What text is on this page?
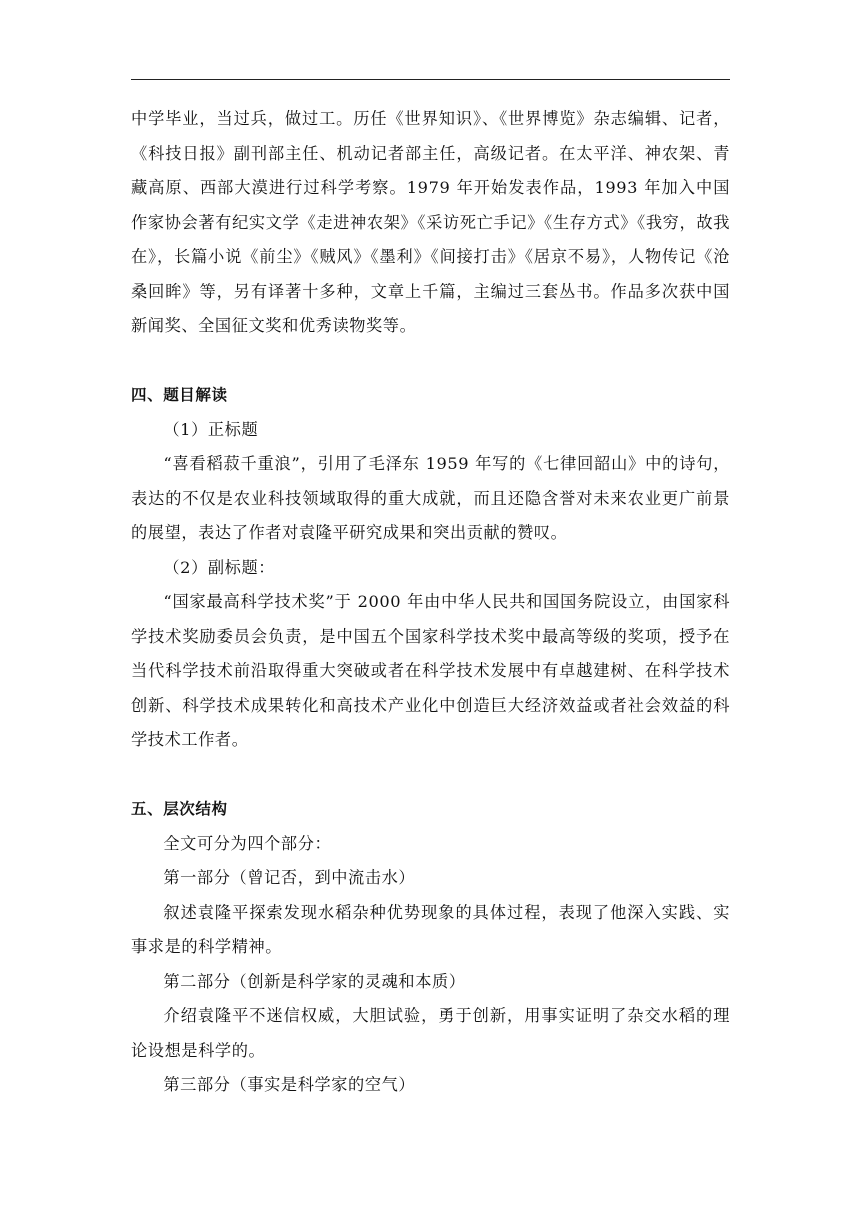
中学毕业，当过兵，做过工。历任《世界知识》、《世界博览》杂志编辑、记者，《科技日报》副刊部主任、机动记者部主任，高级记者。在太平洋、神农架、青藏高原、西部大漠进行过科学考察。1979 年开始发表作品，1993 年加入中国作家协会著有纪实文学《走进神农架》《采访死亡手记》《生存方式》《我穷，故我在》，长篇小说《前尘》《贼风》《墨利》《间接打击》《居京不易》，人物传记《沧桑回眸》等，另有译著十多种，文章上千篇，主编过三套丛书。作品多次获中国新闻奖、全国征文奖和优秀读物奖等。

四、题目解读

（1）正标题

“喜看稻菽千重浪”，引用了毛泽东 1959 年写的《七律回韶山》中的诗句，表达的不仅是农业科技领域取得的重大成就，而且还隐含誉对未来农业更广前景的展望，表达了作者对袁隆平研究成果和突出贡献的赞叹。

（2）副标题：

“国家最高科学技术奖”于 2000 年由中华人民共和国国务院设立，由国家科学技术奖励委员会负责，是中国五个国家科学技术奖中最高等级的奖项，授予在当代科学技术前沿取得重大突破或者在科学技术发展中有卓越建树、在科学技术创新、科学技术成果转化和高技术产业化中创造巨大经济效益或者社会效益的科学技术工作者。

五、层次结构

全文可分为四个部分：

第一部分（曾记否，到中流击水）

叙述袁隆平探索发现水稻杂种优势现象的具体过程，表现了他深入实践、实事求是的科学精神。

第二部分（创新是科学家的灵魂和本质）

介绍袁隆平不迷信权威，大胆试验，勇于创新，用事实证明了杂交水稻的理论设想是科学的。

第三部分（事实是科学家的空气）
